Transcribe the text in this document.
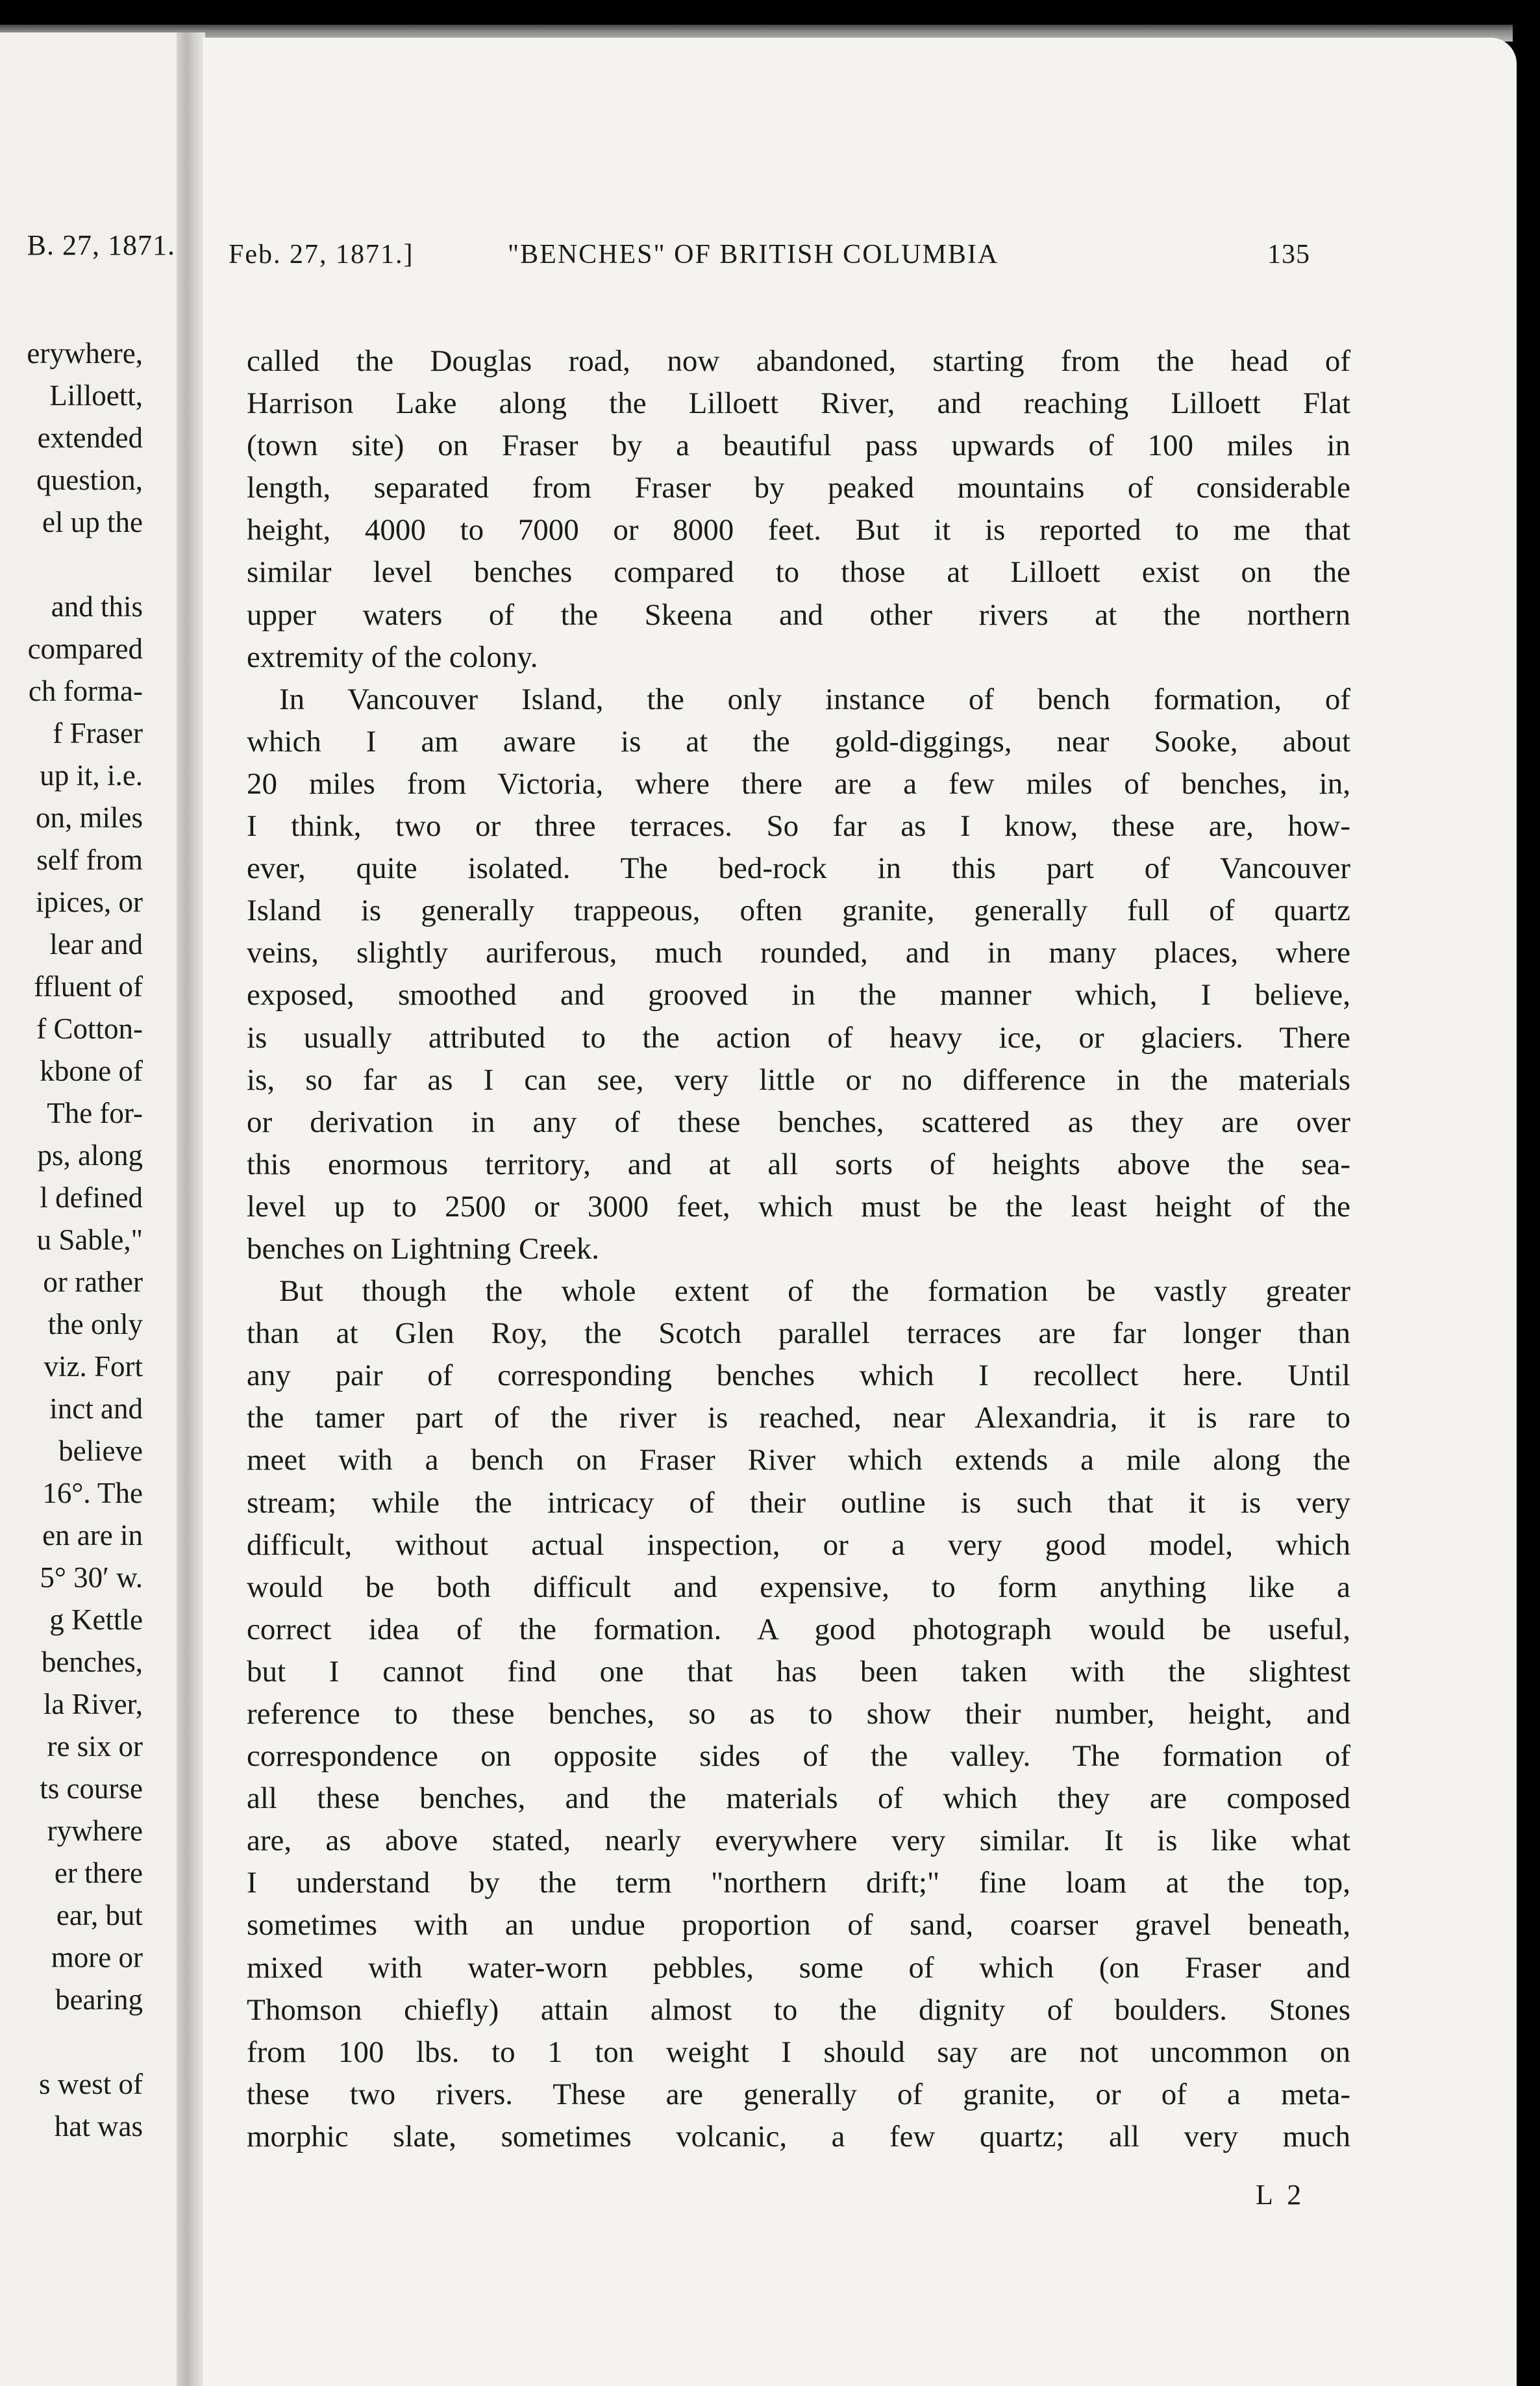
B. 27, 1871.
erywhere,
Lilloett,
extended
question,
el up the
and this
compared
ch forma-
f Fraser
up it, i.e.
on, miles
self from
ipices, or
lear and
ffluent of
f Cotton-
kbone of
The for-
ps, along
l defined
u Sable,"
or rather
the only
viz. Fort
inct and
believe
16°. The
en are in
5° 30′ w.
g Kettle
benches,
la River,
re six or
ts course
rywhere
er there
ear, but
more or
bearing
s west of
hat was
Feb. 27, 1871.]	"BENCHES" OF BRITISH COLUMBIA	135
called the Douglas road, now abandoned, starting from the head of
Harrison Lake along the Lilloett River, and reaching Lilloett Flat
(town site) on Fraser by a beautiful pass upwards of 100 miles in
length, separated from Fraser by peaked mountains of considerable
height, 4000 to 7000 or 8000 feet. But it is reported to me that
similar level benches compared to those at Lilloett exist on the
upper waters of the Skeena and other rivers at the northern
extremity of the colony.
In Vancouver Island, the only instance of bench formation, of
which I am aware is at the gold-diggings, near Sooke, about
20 miles from Victoria, where there are a few miles of benches, in,
I think, two or three terraces. So far as I know, these are, how-
ever, quite isolated. The bed-rock in this part of Vancouver
Island is generally trappeous, often granite, generally full of quartz
veins, slightly auriferous, much rounded, and in many places, where
exposed, smoothed and grooved in the manner which, I believe,
is usually attributed to the action of heavy ice, or glaciers. There
is, so far as I can see, very little or no difference in the materials
or derivation in any of these benches, scattered as they are over
this enormous territory, and at all sorts of heights above the sea-
level up to 2500 or 3000 feet, which must be the least height of the
benches on Lightning Creek.
But though the whole extent of the formation be vastly greater
than at Glen Roy, the Scotch parallel terraces are far longer than
any pair of corresponding benches which I recollect here. Until
the tamer part of the river is reached, near Alexandria, it is rare to
meet with a bench on Fraser River which extends a mile along the
stream; while the intricacy of their outline is such that it is very
difficult, without actual inspection, or a very good model, which
would be both difficult and expensive, to form anything like a
correct idea of the formation. A good photograph would be useful,
but I cannot find one that has been taken with the slightest
reference to these benches, so as to show their number, height, and
correspondence on opposite sides of the valley. The formation of
all these benches, and the materials of which they are composed
are, as above stated, nearly everywhere very similar. It is like what
I understand by the term "northern drift;" fine loam at the top,
sometimes with an undue proportion of sand, coarser gravel beneath,
mixed with water-worn pebbles, some of which (on Fraser and
Thomson chiefly) attain almost to the dignity of boulders. Stones
from 100 lbs. to 1 ton weight I should say are not uncommon on
these two rivers. These are generally of granite, or of a meta-
morphic slate, sometimes volcanic, a few quartz; all very much
L 2
